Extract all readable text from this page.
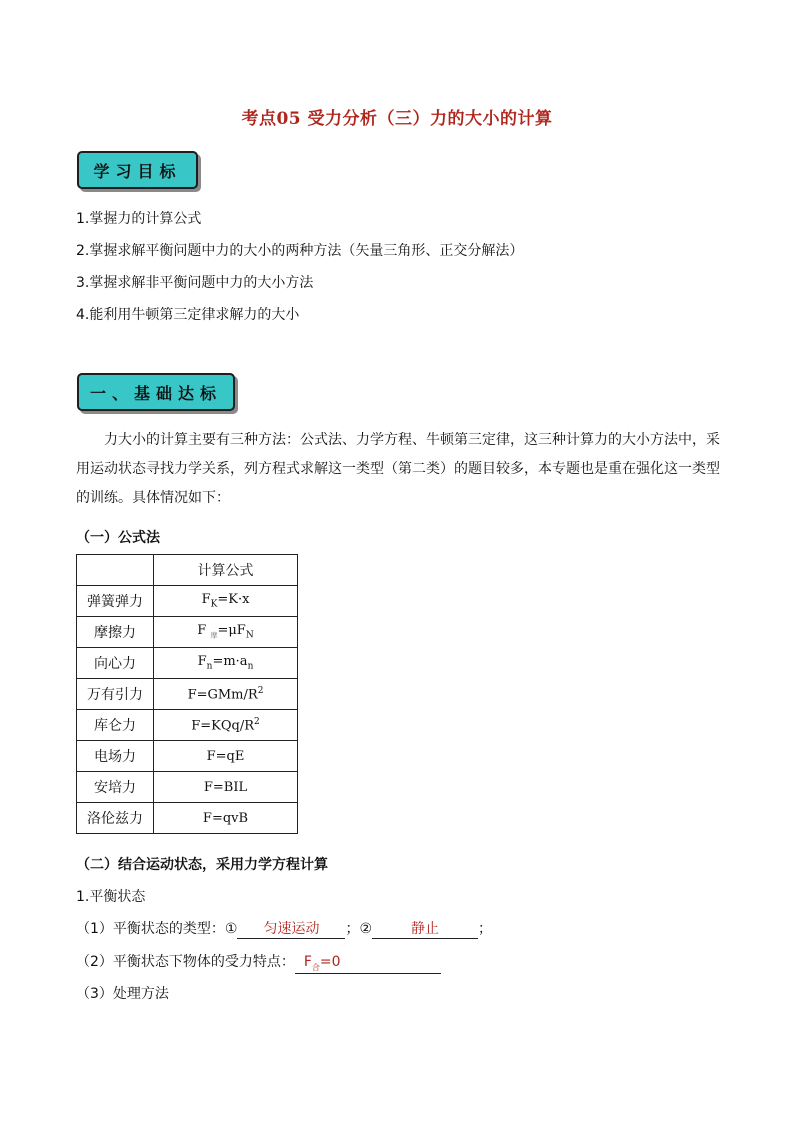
考点05 受力分析（三）力的大小的计算
学习目标
1.掌握力的计算公式
2.掌握求解平衡问题中力的大小的两种方法（矢量三角形、正交分解法）
3.掌握求解非平衡问题中力的大小方法
4.能利用牛顿第三定律求解力的大小
一、基础达标
力大小的计算主要有三种方法：公式法、力学方程、牛顿第三定律，这三种计算力的大小方法中，采用运动状态寻找力学关系，列方程式求解这一类型（第二类）的题目较多，本专题也是重在强化这一类型的训练。具体情况如下：
（一）公式法
	计算公式
弹簧弹力	$F_K=K\cdot x$
摩擦力	F $_摩=\mu F_N$
向心力	$F_n=m\cdot a_n$
万有引力	$F=GMm/R^2$
库仑力	$F=KQq/R^2$
电场力	F=qE
安培力	F=BIL
洛伦兹力	F=qvB
（二）结合运动状态，采用力学方程计算
1.平衡状态
（1）平衡状态的类型：① 匀速运动 ；②	静止	；
（2）平衡状态下物体的受力特点： $F_合=0$
（3）处理方法
